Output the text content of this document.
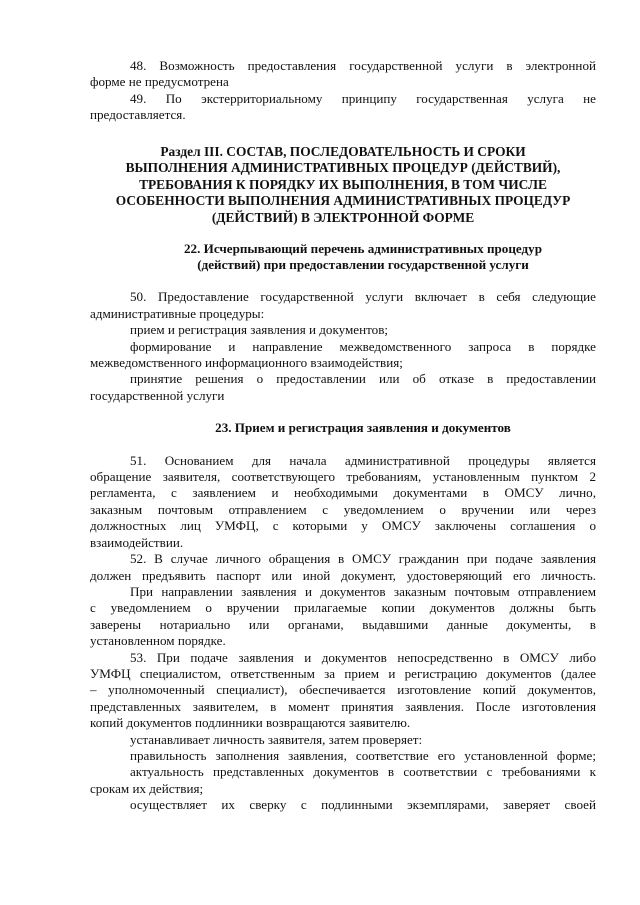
48. Возможность предоставления государственной услуги в электронной
форме не предусмотрена
49. По экстерриториальному принципу государственная услуга не
предоставляется.
Раздел III. СОСТАВ, ПОСЛЕДОВАТЕЛЬНОСТЬ И СРОКИ
ВЫПОЛНЕНИЯ АДМИНИСТРАТИВНЫХ ПРОЦЕДУР (ДЕЙСТВИЙ),
ТРЕБОВАНИЯ К ПОРЯДКУ ИХ ВЫПОЛНЕНИЯ, В ТОМ ЧИСЛЕ
ОСОБЕННОСТИ ВЫПОЛНЕНИЯ АДМИНИСТРАТИВНЫХ ПРОЦЕДУР
(ДЕЙСТВИЙ) В ЭЛЕКТРОННОЙ ФОРМЕ
22. Исчерпывающий перечень административных процедур
(действий) при предоставлении государственной услуги
50. Предоставление государственной услуги включает в себя следующие
административные процедуры:
прием и регистрация заявления и документов;
формирование и направление межведомственного запроса в порядке
межведомственного информационного взаимодействия;
принятие решения о предоставлении или об отказе в предоставлении
государственной услуги
23. Прием и регистрация заявления и документов
51. Основанием для начала административной процедуры является
обращение заявителя, соответствующего требованиям, установленным пунктом 2
регламента, с заявлением и необходимыми документами в ОМСУ лично,
заказным почтовым отправлением с уведомлением о вручении или через
должностных лиц УМФЦ, с которыми у ОМСУ заключены соглашения о
взаимодействии.
52. В случае личного обращения в ОМСУ гражданин при подаче заявления
должен предъявить паспорт или иной документ, удостоверяющий его личность.
При направлении заявления и документов заказным почтовым отправлением
с уведомлением о вручении прилагаемые копии документов должны быть
заверены нотариально или органами, выдавшими данные документы, в
установленном порядке.
53. При подаче заявления и документов непосредственно в ОМСУ либо
УМФЦ специалистом, ответственным за прием и регистрацию документов (далее
– уполномоченный специалист), обеспечивается изготовление копий документов,
представленных заявителем, в момент принятия заявления. После изготовления
копий документов подлинники возвращаются заявителю.
устанавливает личность заявителя, затем проверяет:
правильность заполнения заявления, соответствие его установленной форме;
актуальность представленных документов в соответствии с требованиями к
срокам их действия;
осуществляет их сверку с подлинными экземплярами, заверяет своей
